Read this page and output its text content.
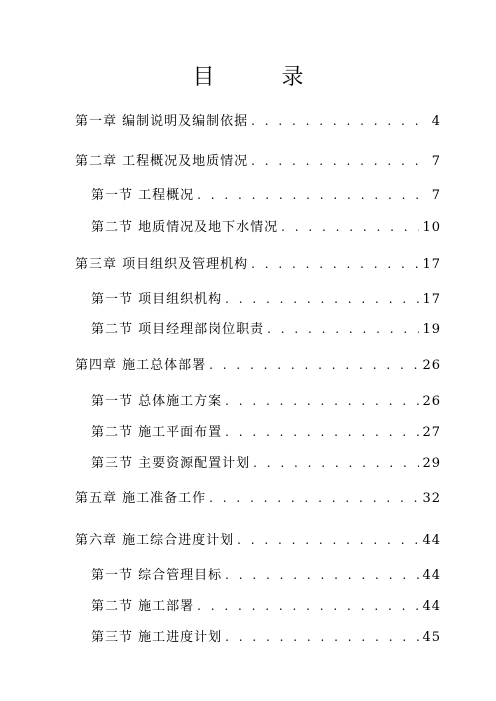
目 录
第一章 编制说明及编制依据 . . .	4
第二章 工程概况及地质情况 . . .	7
第一节 工程概况 . . .	7
第二节 地质情况及地下水情况 . . .	10
第三章 项目组织及管理机构 . . .	17
第一节 项目组织机构 . . .	17
第二节 项目经理部岗位职责 . . .	19
第四章 施工总体部署 . . .	26
第一节 总体施工方案 . . .	26
第二节 施工平面布置 . . .	27
第三节 主要资源配置计划 . . .	29
第五章 施工准备工作 . . .	32
第六章 施工综合进度计划 . . .	44
第一节 综合管理目标 . . .	44
第二节 施工部署 . . .	44
第三节 施工进度计划 . . .	45
